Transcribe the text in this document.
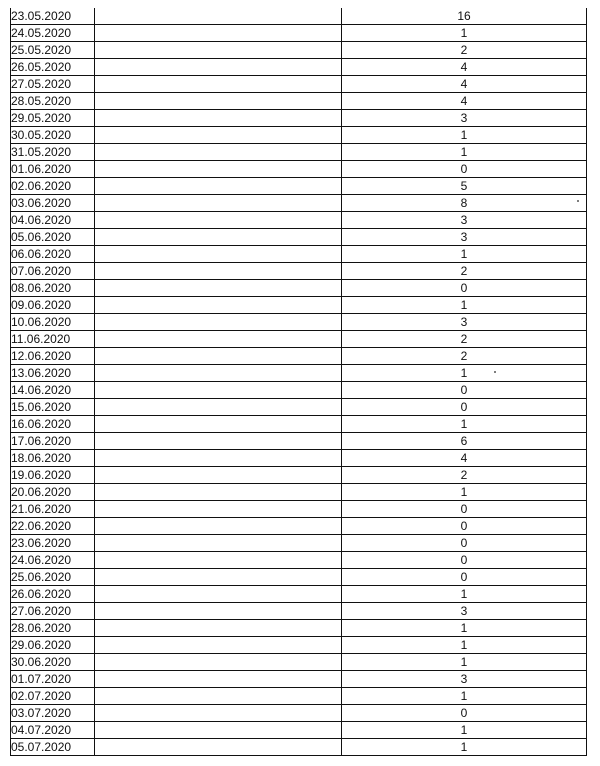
23.05.2020		16
24.05.2020		1
25.05.2020		2
26.05.2020		4
27.05.2020		4
28.05.2020		4
29.05.2020		3
30.05.2020		1
31.05.2020		1
01.06.2020		0
02.06.2020		5
03.06.2020		8
04.06.2020		3
05.06.2020		3
06.06.2020		1
07.06.2020		2
08.06.2020		0
09.06.2020		1
10.06.2020		3
11.06.2020		2
12.06.2020		2
13.06.2020		1
14.06.2020		0
15.06.2020		0
16.06.2020		1
17.06.2020		6
18.06.2020		4
19.06.2020		2
20.06.2020		1
21.06.2020		0
22.06.2020		0
23.06.2020		0
24.06.2020		0
25.06.2020		0
26.06.2020		1
27.06.2020		3
28.06.2020		1
29.06.2020		1
30.06.2020		1
01.07.2020		3
02.07.2020		1
03.07.2020		0
04.07.2020		1
05.07.2020		1
